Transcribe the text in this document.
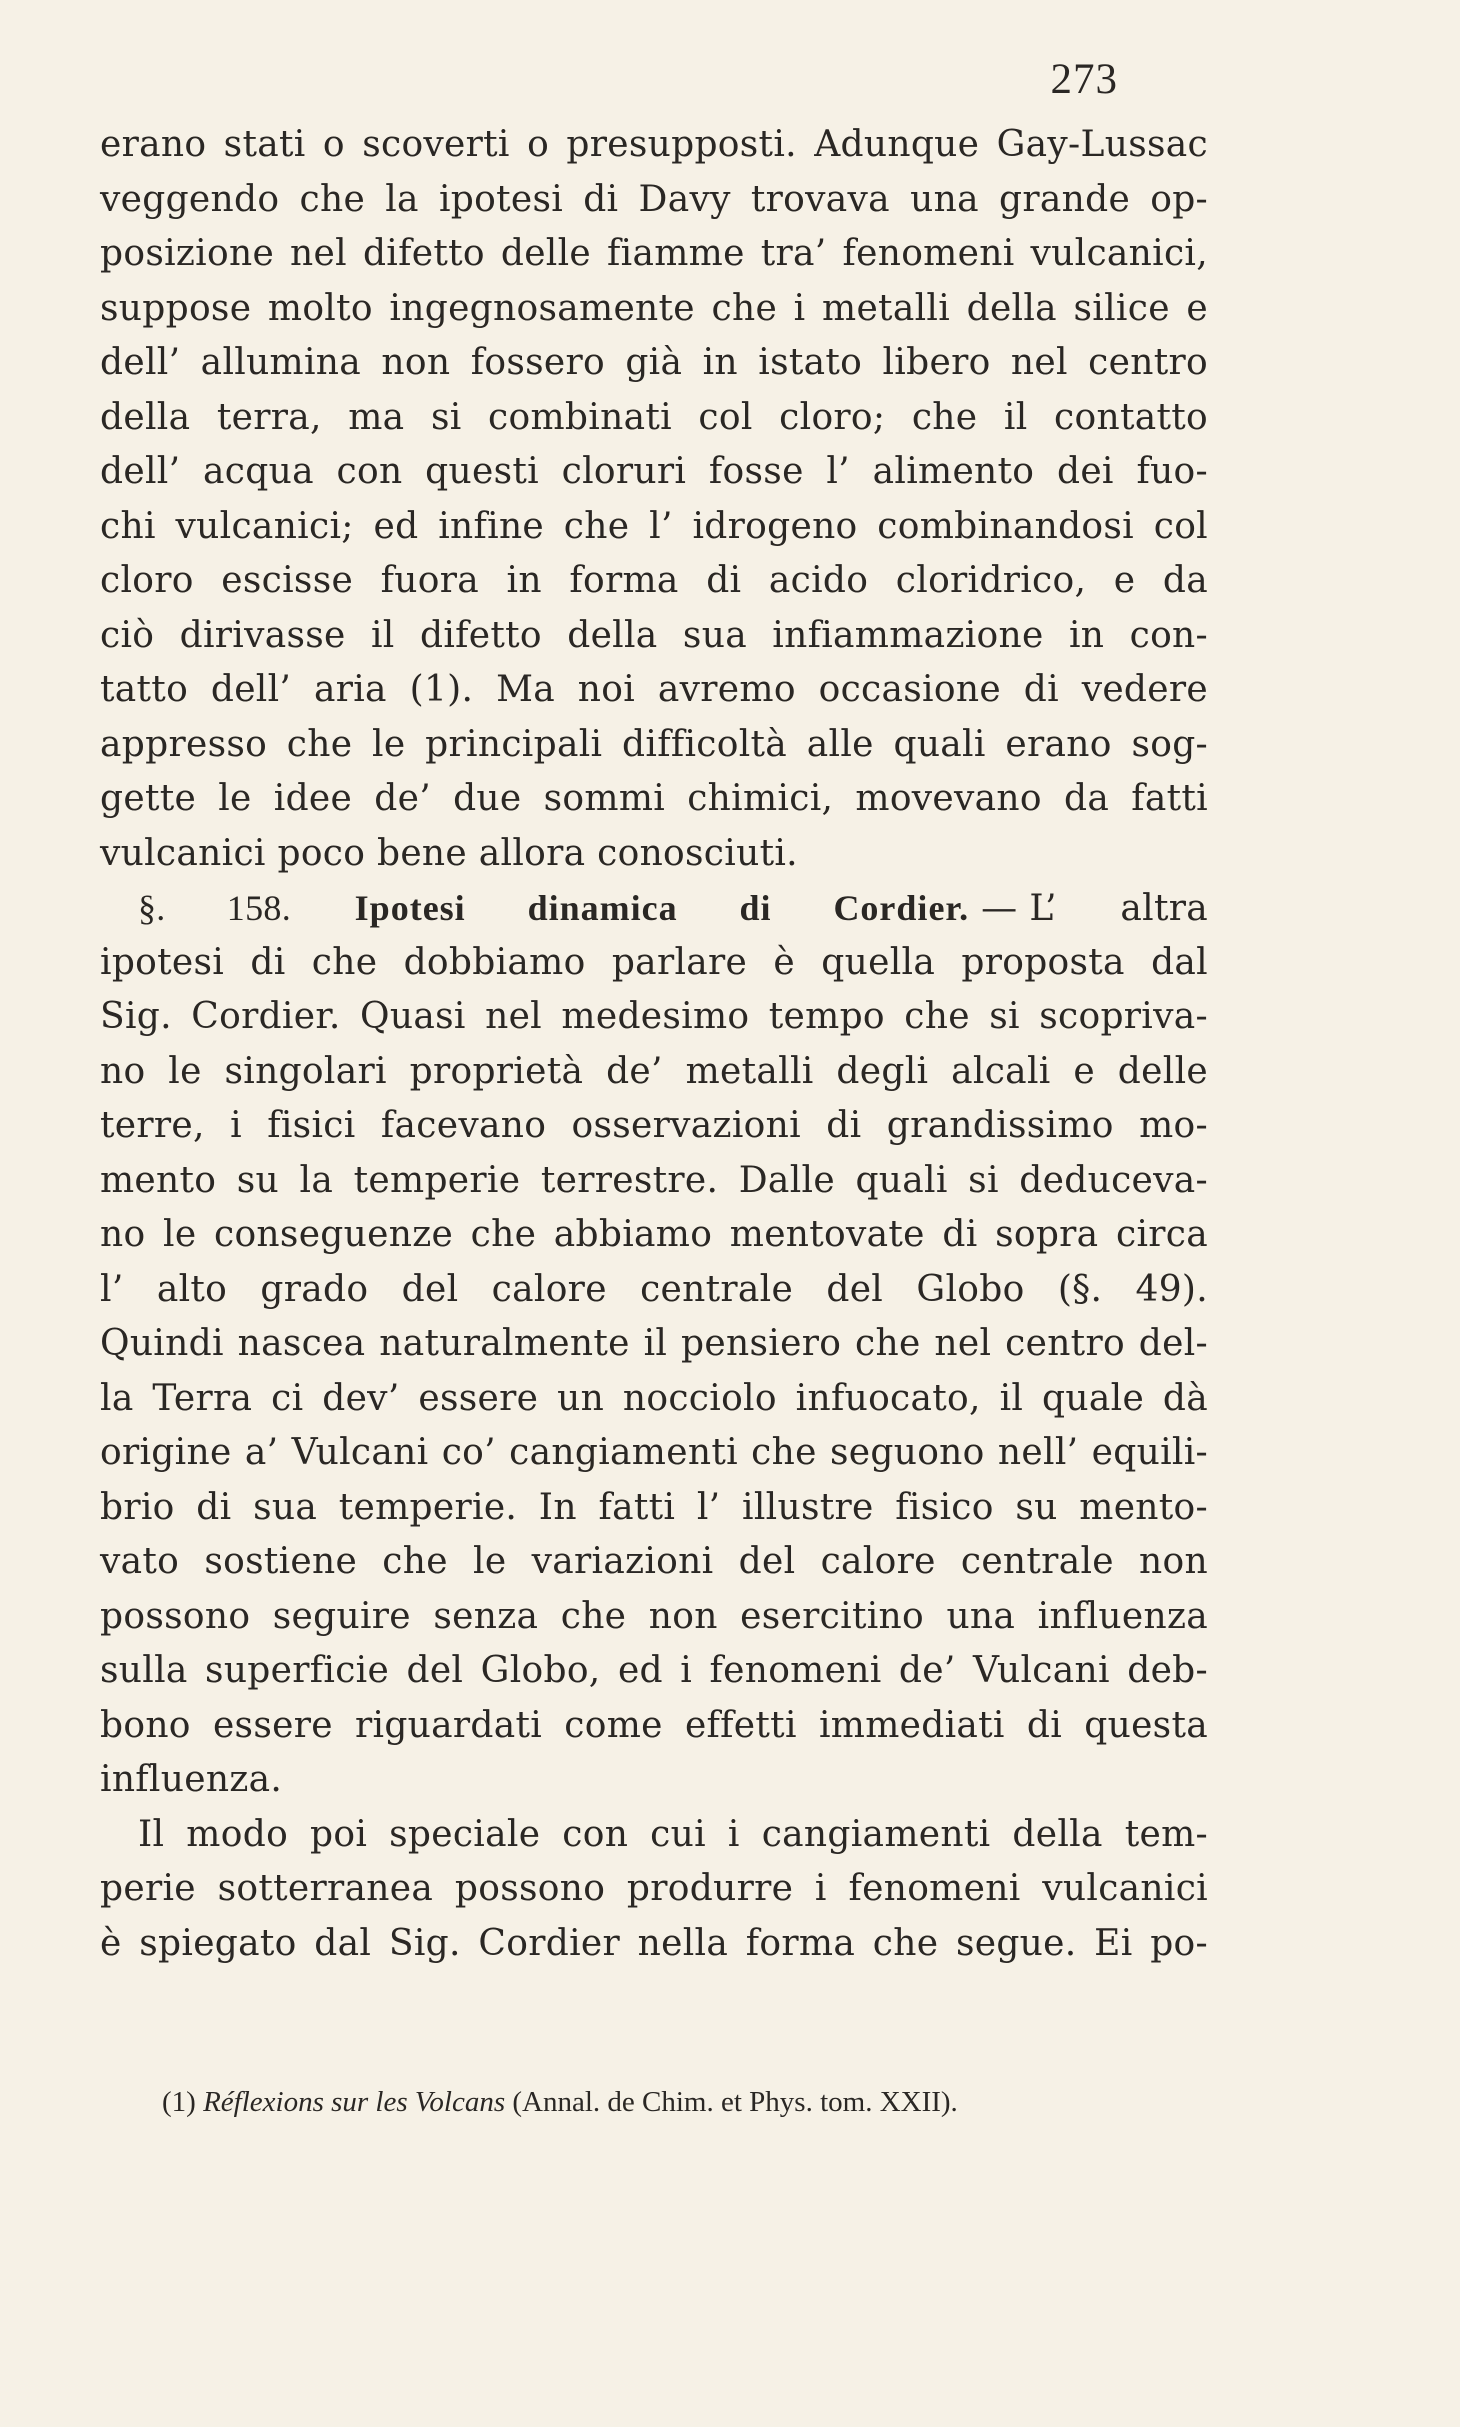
273
erano stati o scoverti o presupposti. Adunque Gay-Lussac
veggendo che la ipotesi di Davy trovava una grande op-
posizione nel difetto delle fiamme tra’ fenomeni vulcanici,
suppose molto ingegnosamente che i metalli della silice e
dell’ allumina non fossero già in istato libero nel centro
della terra, ma si combinati col cloro; che il contatto
dell’ acqua con questi cloruri fosse l’ alimento dei fuo-
chi vulcanici; ed infine che l’ idrogeno combinandosi col
cloro escisse fuora in forma di acido cloridrico, e da
ciò dirivasse il difetto della sua infiammazione in con-
tatto dell’ aria (1). Ma noi avremo occasione di vedere
appresso che le principali difficoltà alle quali erano sog-
gette le idee de’ due sommi chimici, movevano da fatti
vulcanici poco bene allora conosciuti.
§. 158. Ipotesi dinamica di Cordier. — L’ altra
ipotesi di che dobbiamo parlare è quella proposta dal
Sig. Cordier. Quasi nel medesimo tempo che si scopriva-
no le singolari proprietà de’ metalli degli alcali e delle
terre, i fisici facevano osservazioni di grandissimo mo-
mento su la temperie terrestre. Dalle quali si deduceva-
no le conseguenze che abbiamo mentovate di sopra circa
l’ alto grado del calore centrale del Globo (§. 49).
Quindi nascea naturalmente il pensiero che nel centro del-
la Terra ci dev’ essere un nocciolo infuocato, il quale dà
origine a’ Vulcani co’ cangiamenti che seguono nell’ equili-
brio di sua temperie. In fatti l’ illustre fisico su mento-
vato sostiene che le variazioni del calore centrale non
possono seguire senza che non esercitino una influenza
sulla superficie del Globo, ed i fenomeni de’ Vulcani deb-
bono essere riguardati come effetti immediati di questa
influenza.
Il modo poi speciale con cui i cangiamenti della tem-
perie sotterranea possono produrre i fenomeni vulcanici
è spiegato dal Sig. Cordier nella forma che segue. Ei po-
(1) Réflexions sur les Volcans (Annal. de Chim. et Phys. tom. XXII).
